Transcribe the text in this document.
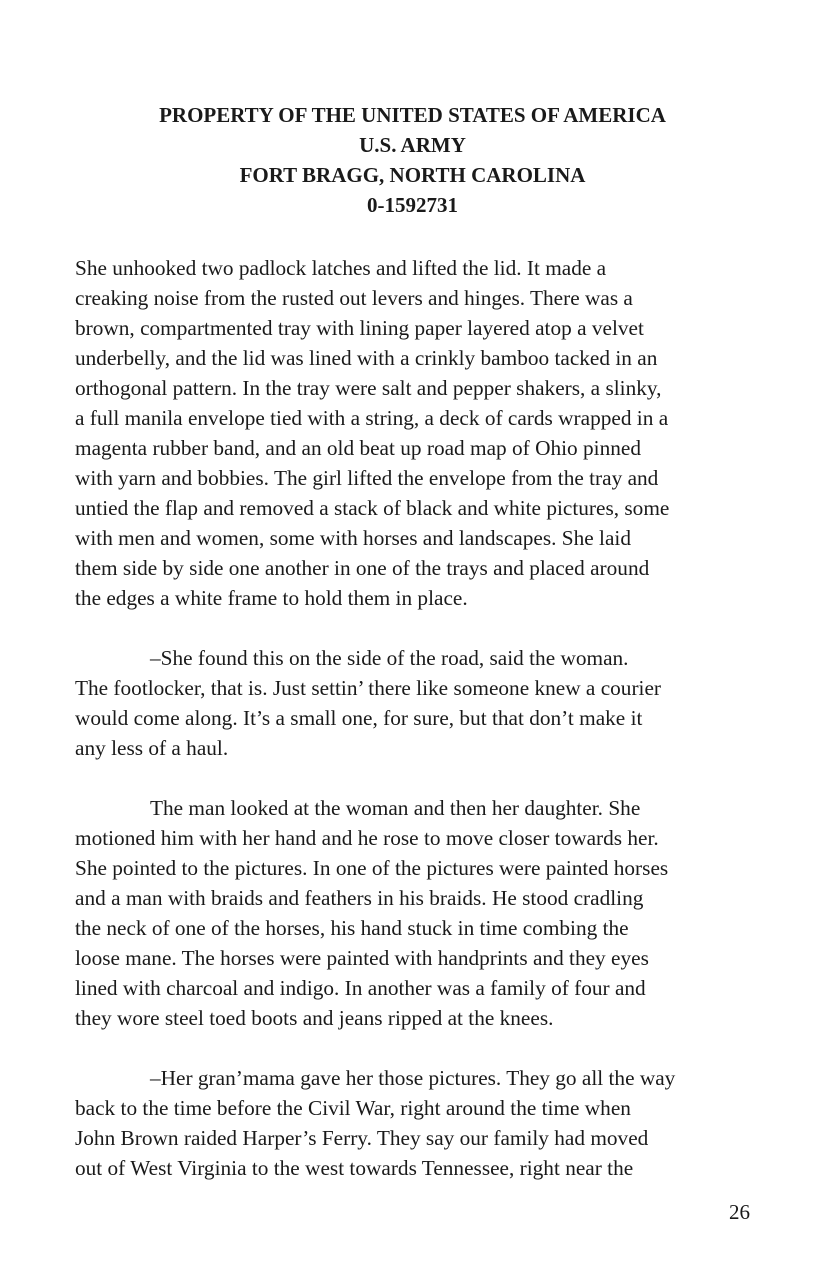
PROPERTY OF THE UNITED STATES OF AMERICA
U.S. ARMY
FORT BRAGG, NORTH CAROLINA
0-1592731
She unhooked two padlock latches and lifted the lid. It made a
creaking noise from the rusted out levers and hinges. There was a
brown, compartmented tray with lining paper layered atop a velvet
underbelly, and the lid was lined with a crinkly bamboo tacked in an
orthogonal pattern. In the tray were salt and pepper shakers, a slinky,
a full manila envelope tied with a string, a deck of cards wrapped in a
magenta rubber band, and an old beat up road map of Ohio pinned
with yarn and bobbies. The girl lifted the envelope from the tray and
untied the flap and removed a stack of black and white pictures, some
with men and women, some with horses and landscapes. She laid
them side by side one another in one of the trays and placed around
the edges a white frame to hold them in place.
–She found this on the side of the road, said the woman.
The footlocker, that is. Just settin’ there like someone knew a courier
would come along. It’s a small one, for sure, but that don’t make it
any less of a haul.
The man looked at the woman and then her daughter. She
motioned him with her hand and he rose to move closer towards her.
She pointed to the pictures. In one of the pictures were painted horses
and a man with braids and feathers in his braids. He stood cradling
the neck of one of the horses, his hand stuck in time combing the
loose mane. The horses were painted with handprints and they eyes
lined with charcoal and indigo. In another was a family of four and
they wore steel toed boots and jeans ripped at the knees.
–Her gran’mama gave her those pictures. They go all the way
back to the time before the Civil War, right around the time when
John Brown raided Harper’s Ferry. They say our family had moved
out of West Virginia to the west towards Tennessee, right near the
26
